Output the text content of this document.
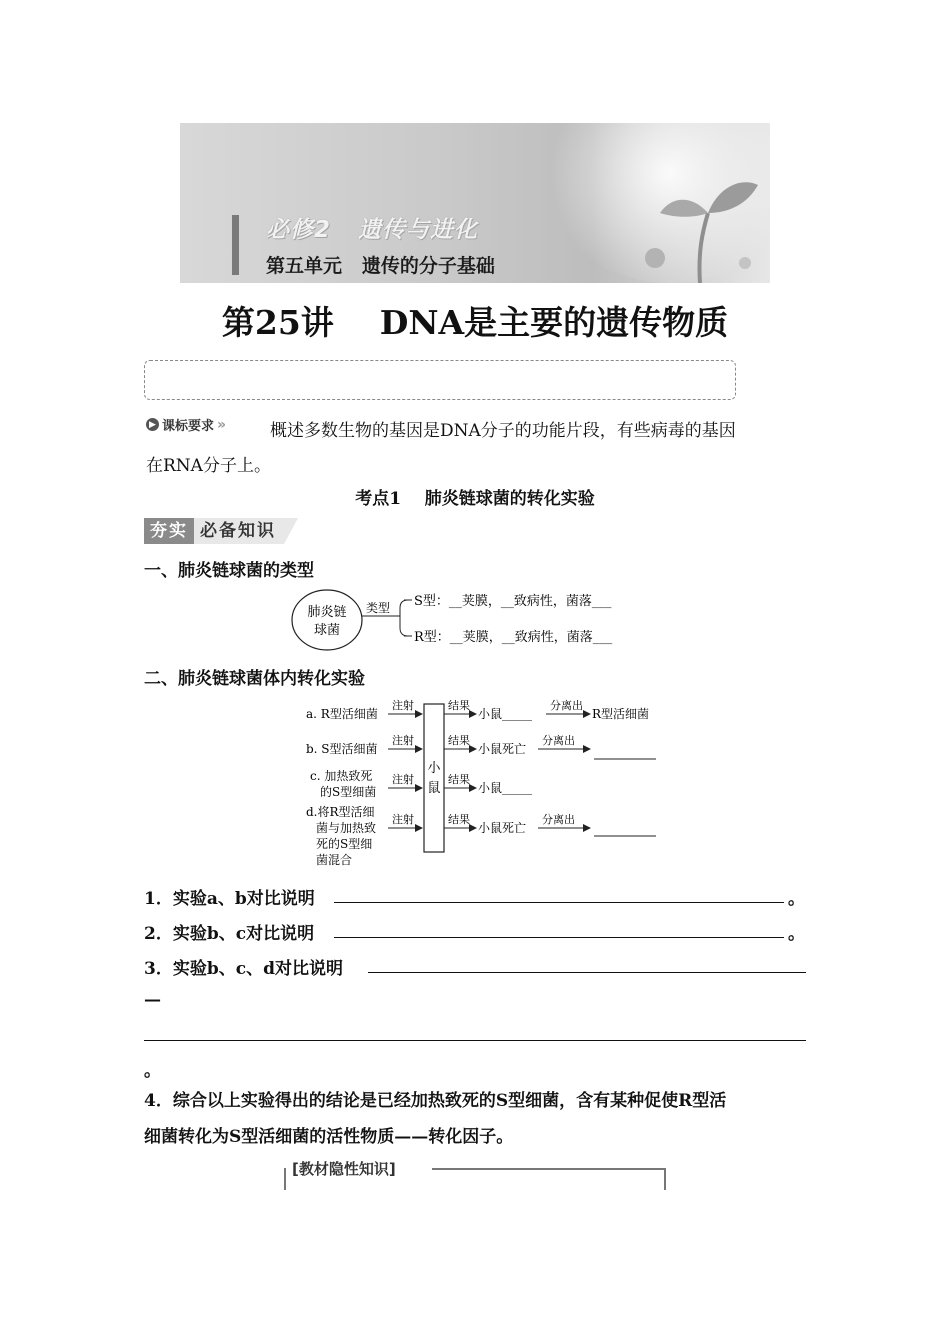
必修2   遗传与进化
第五单元   遗传的分子基础
第25讲    DNA是主要的遗传物质
▶ 课标要求 »	概述多数生物的基因是DNA分子的功能片段，有些病毒的基因
在RNA分子上。
考点1    肺炎链球菌的转化实验
夯实 必备知识
一、肺炎链球菌的类型
肺炎链
球菌
类型 S型：__荚膜，__致病性，菌落___
R型：__荚膜，__致病性，菌落___
二、肺炎链球菌体内转化实验
小
鼠
a. R型活细菌
注射	结果
小鼠_____
分离出
R型活细菌
b. S型活细菌
注射	结果
小鼠死亡
分离出
c. 加热致死
的S型细菌
注射	结果
小鼠_____
d.将R型活细
菌与加热致
死的S型细
菌混合
注射	结果
小鼠死亡
分离出
1．实验a、b对比说明	。
2．实验b、c对比说明	。
3．实验b、c、d对比说明
—
。
4．综合以上实验得出的结论是已经加热致死的S型细菌，含有某种促使R型活
细菌转化为S型活细菌的活性物质——转化因子。
[教材隐性知识]
